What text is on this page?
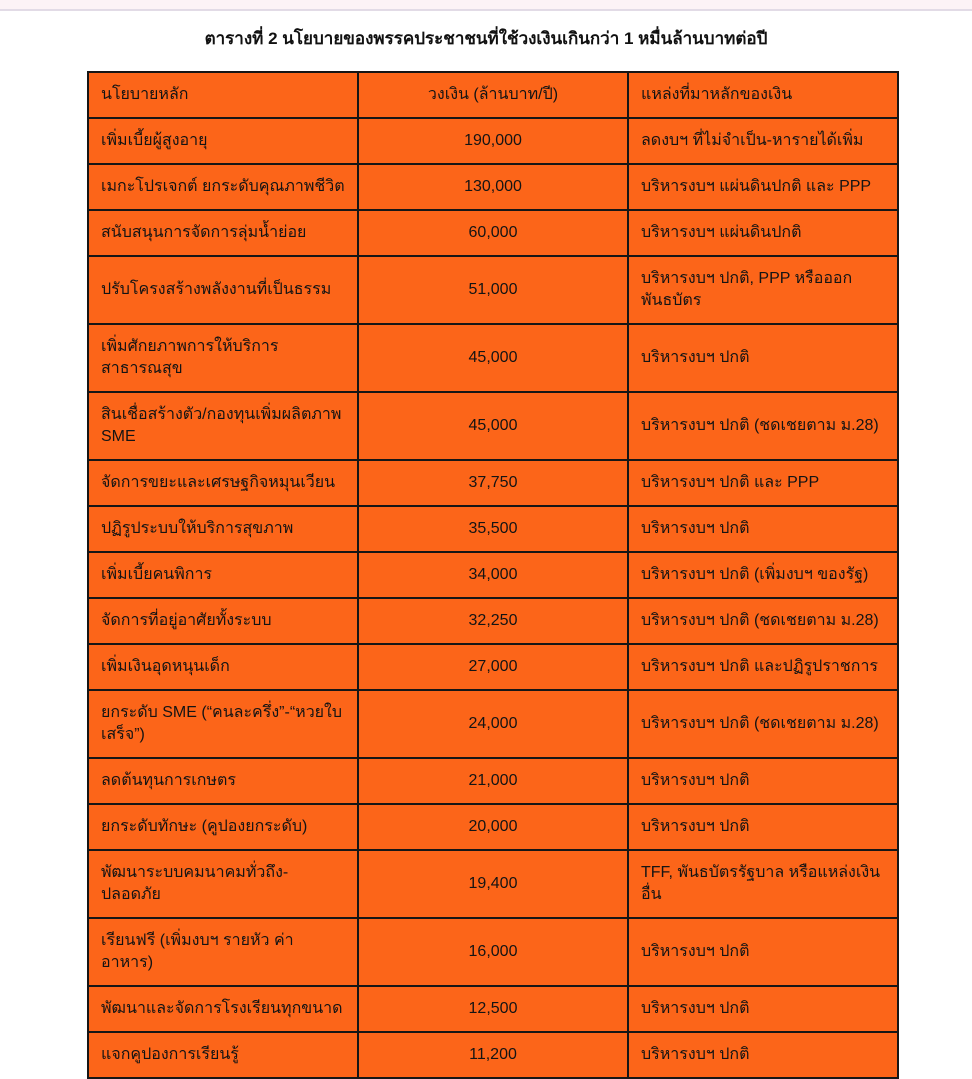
ตารางที่ 2 นโยบายของพรรคประชาชนที่ใช้วงเงินเกินกว่า 1 หมื่นล้านบาทต่อปี
นโยบายหลัก	วงเงิน (ล้านบาท/ปี)	แหล่งที่มาหลักของเงิน
เพิ่มเบี้ยผู้สูงอายุ	190,000	ลดงบฯ ที่ไม่จำเป็น-หารายได้เพิ่ม
เมกะโปรเจกต์ ยกระดับคุณภาพชีวิต	130,000	บริหารงบฯ แผ่นดินปกติ และ PPP
สนับสนุนการจัดการลุ่มน้ำย่อย	60,000	บริหารงบฯ แผ่นดินปกติ
ปรับโครงสร้างพลังงานที่เป็นธรรม	51,000	บริหารงบฯ ปกติ, PPP หรือออกพันธบัตร
เพิ่มศักยภาพการให้บริการสาธารณสุข	45,000	บริหารงบฯ ปกติ
สินเชื่อสร้างตัว/กองทุนเพิ่มผลิตภาพ SME	45,000	บริหารงบฯ ปกติ (ชดเชยตาม ม.28)
จัดการขยะและเศรษฐกิจหมุนเวียน	37,750	บริหารงบฯ ปกติ และ PPP
ปฏิรูประบบให้บริการสุขภาพ	35,500	บริหารงบฯ ปกติ
เพิ่มเบี้ยคนพิการ	34,000	บริหารงบฯ ปกติ (เพิ่มงบฯ ของรัฐ)
จัดการที่อยู่อาศัยทั้งระบบ	32,250	บริหารงบฯ ปกติ (ชดเชยตาม ม.28)
เพิ่มเงินอุดหนุนเด็ก	27,000	บริหารงบฯ ปกติ และปฏิรูปราชการ
ยกระดับ SME (“คนละครึ่ง”-“หวยใบเสร็จ”)	24,000	บริหารงบฯ ปกติ (ชดเชยตาม ม.28)
ลดต้นทุนการเกษตร	21,000	บริหารงบฯ ปกติ
ยกระดับทักษะ (คูปองยกระดับ)	20,000	บริหารงบฯ ปกติ
พัฒนาระบบคมนาคมทั่วถึง-ปลอดภัย	19,400	TFF, พันธบัตรรัฐบาล หรือแหล่งเงินอื่น
เรียนฟรี (เพิ่มงบฯ รายหัว ค่าอาหาร)	16,000	บริหารงบฯ ปกติ
พัฒนาและจัดการโรงเรียนทุกขนาด	12,500	บริหารงบฯ ปกติ
แจกคูปองการเรียนรู้	11,200	บริหารงบฯ ปกติ
